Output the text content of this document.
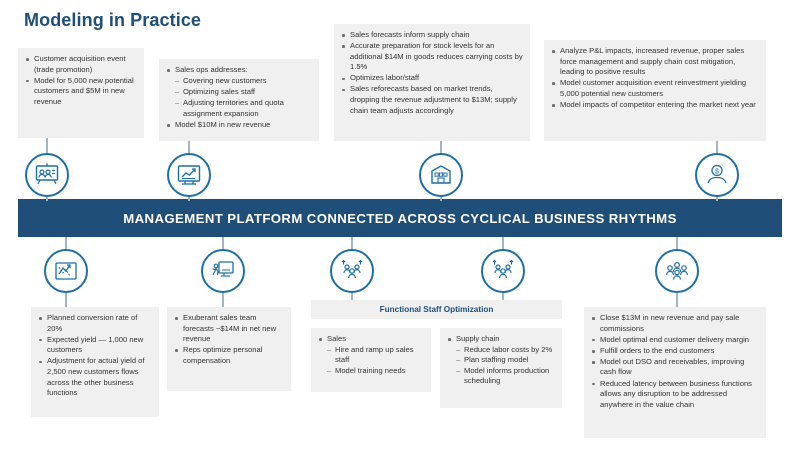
Modeling in Practice
Customer acquisition event (trade promotion)
Model for 5,000 new potential customers and $5M in new revenue
Sales ops addresses:
– Covering new customers
– Optimizing sales staff
– Adjusting territories and quota assignment expansion
Model $10M in new revenue
Sales forecasts inform supply chain
Accurate preparation for stock levels for an additional $14M in goods reduces carrying costs by 1.5%
Optimizes labor/staff
Sales reforecasts based on market trends, dropping the revenue adjustment to $13M; supply chain team adjusts accordingly
Analyze P&L impacts, increased revenue, proper sales force management and supply chain cost mitigation, leading to positive results
Model customer acquisition event reinvestment yielding 5,000 potential new customers
Model impacts of competitor entering the market next year
$
MANAGEMENT PLATFORM CONNECTED ACROSS CYCLICAL BUSINESS RHYTHMS
Planned conversion rate of 20%
Expected yield — 1,000 new customers
Adjustment for actual yield of 2,500 new customers flows across the other business functions
Exuberant sales team forecasts ~$14M in net new revenue
Reps optimize personal compensation
Functional Staff Optimization
Sales
– Hire and ramp up sales staff
– Model training needs
Supply chain
– Reduce labor costs by 2%
– Plan staffing model
– Model informs production scheduling
Close $13M in new revenue and pay sale commissions
Model optimal end customer delivery margin
Fulfill orders to the end customers
Model out DSO and receivables, improving cash flow
Reduced latency between business functions allows any disruption to be addressed anywhere in the value chain
